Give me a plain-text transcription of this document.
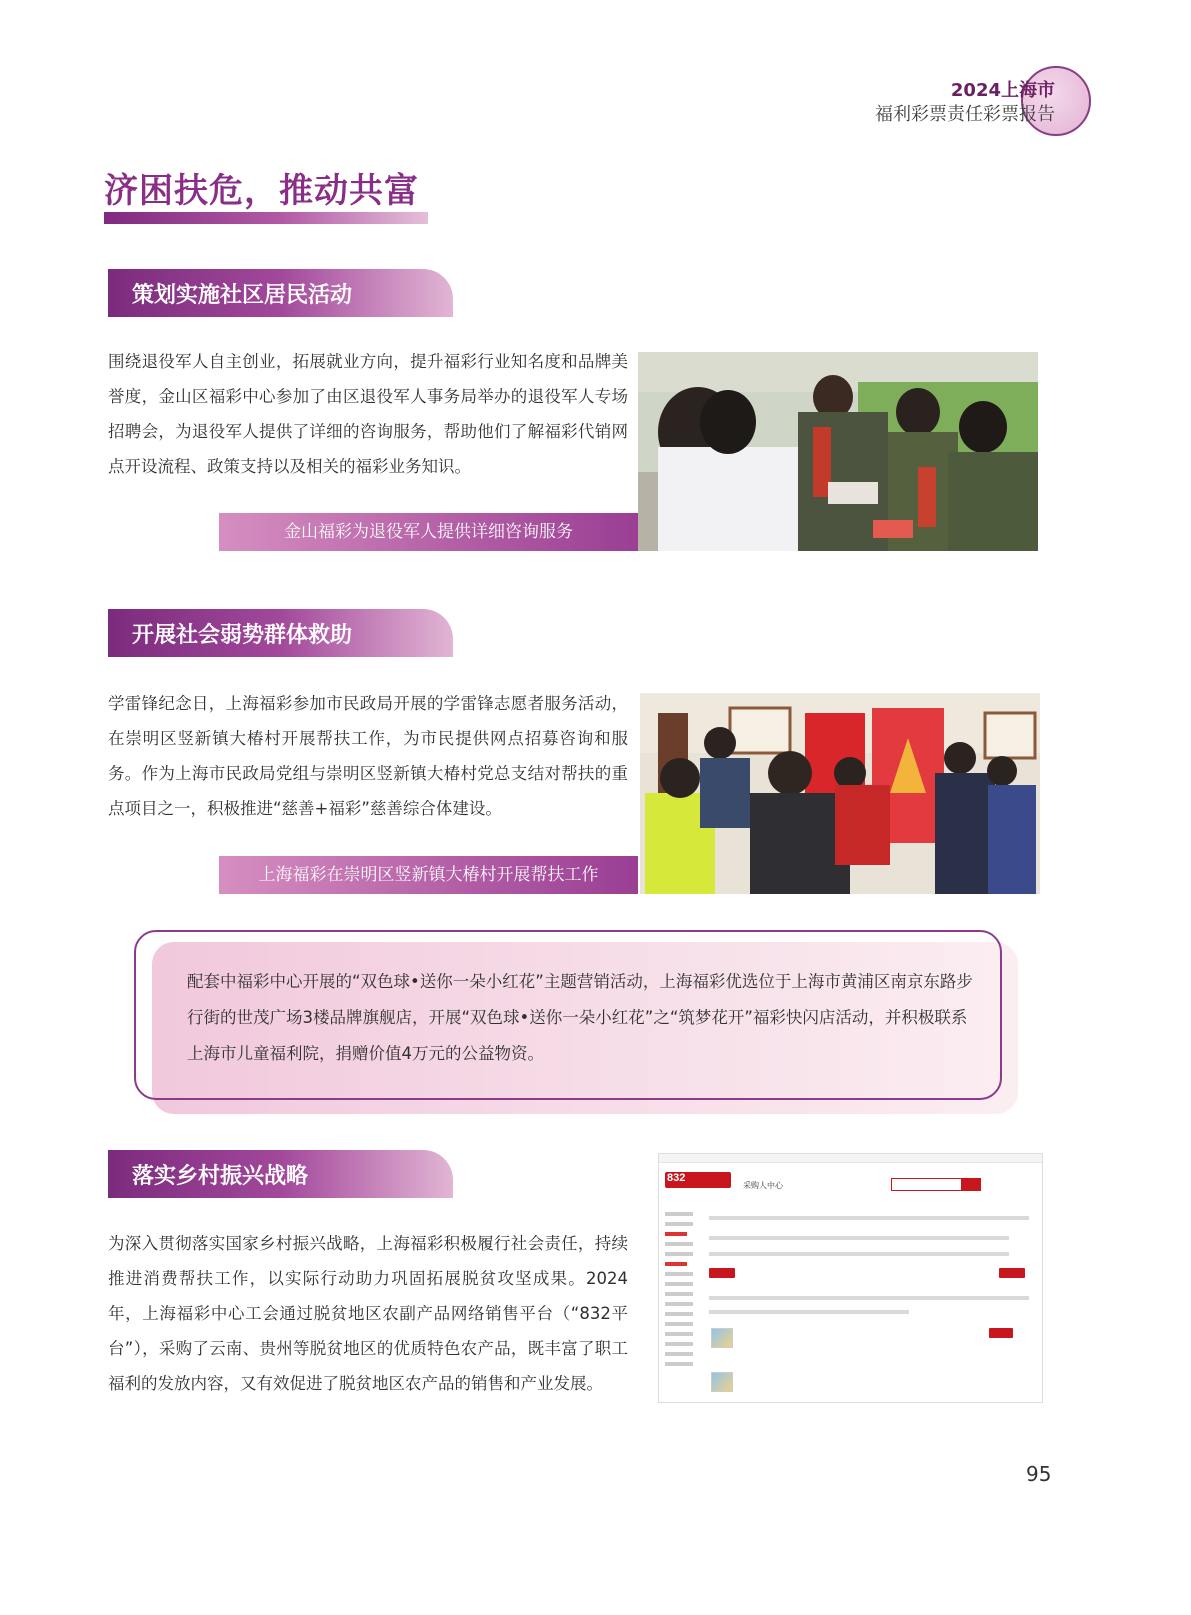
2024上海市
福利彩票责任彩票报告
济困扶危，推动共富
策划实施社区居民活动
围绕退役军人自主创业，拓展就业方向，提升福彩行业知名度和品牌美誉度，金山区福彩中心参加了由区退役军人事务局举办的退役军人专场招聘会，为退役军人提供了详细的咨询服务，帮助他们了解福彩代销网点开设流程、政策支持以及相关的福彩业务知识。
金山福彩为退役军人提供详细咨询服务
开展社会弱势群体救助
学雷锋纪念日，上海福彩参加市民政局开展的学雷锋志愿者服务活动，在崇明区竖新镇大椿村开展帮扶工作，为市民提供网点招募咨询和服务。作为上海市民政局党组与崇明区竖新镇大椿村党总支结对帮扶的重点项目之一，积极推进“慈善+福彩”慈善综合体建设。
上海福彩在崇明区竖新镇大椿村开展帮扶工作
配套中福彩中心开展的“双色球•送你一朵小红花”主题营销活动，上海福彩优选位于上海市黄浦区南京东路步行街的世茂广场3楼品牌旗舰店，开展“双色球•送你一朵小红花”之“筑梦花开”福彩快闪店活动，并积极联系上海市儿童福利院，捐赠价值4万元的公益物资。
落实乡村振兴战略
为深入贯彻落实国家乡村振兴战略，上海福彩积极履行社会责任，持续推进消费帮扶工作，以实际行动助力巩固拓展脱贫攻坚成果。2024年，上海福彩中心工会通过脱贫地区农副产品网络销售平台（“832平台”），采购了云南、贵州等脱贫地区的优质特色农产品，既丰富了职工福利的发放内容，又有效促进了脱贫地区农产品的销售和产业发展。
832
采购人中心
95
